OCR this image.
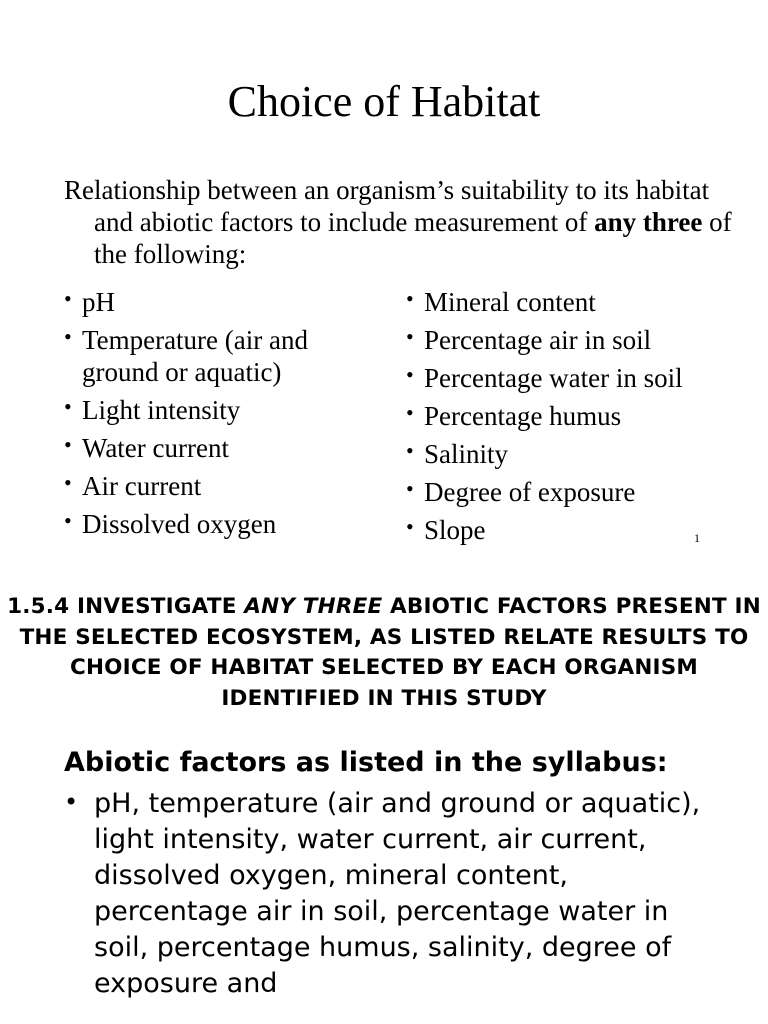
Choice of Habitat

Relationship between an organism’s suitability to its habitat and abiotic factors to include measurement of any three of the following:

• pH
• Temperature (air and ground or aquatic)
• Light intensity
• Water current
• Air current
• Dissolved oxygen
• Mineral content
• Percentage air in soil
• Percentage water in soil
• Percentage humus
• Salinity
• Degree of exposure
• Slope	1

1.5.4 INVESTIGATE ANY THREE ABIOTIC FACTORS PRESENT IN THE SELECTED ECOSYSTEM, AS LISTED RELATE RESULTS TO CHOICE OF HABITAT SELECTED BY EACH ORGANISM IDENTIFIED IN THIS STUDY

Abiotic factors as listed in the syllabus:

• pH, temperature (air and ground or aquatic), light intensity, water current, air current, dissolved oxygen, mineral content, percentage air in soil, percentage water in soil, percentage humus, salinity, degree of exposure and
